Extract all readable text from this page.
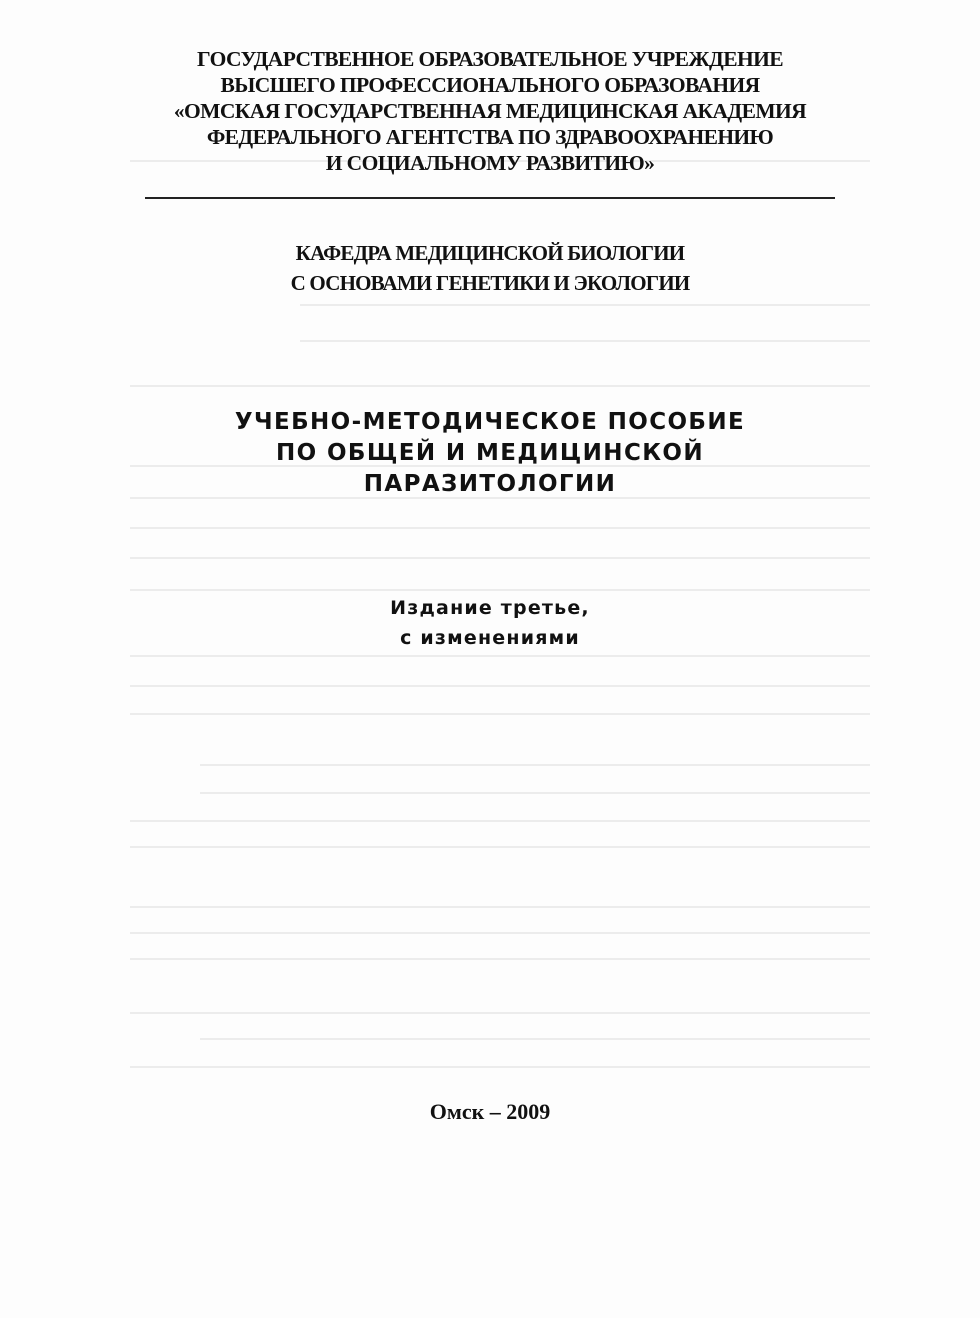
ГОСУДАРСТВЕННОЕ ОБРАЗОВАТЕЛЬНОЕ УЧРЕЖДЕНИЕ
ВЫСШЕГО ПРОФЕССИОНАЛЬНОГО ОБРАЗОВАНИЯ
«ОМСКАЯ ГОСУДАРСТВЕННАЯ МЕДИЦИНСКАЯ АКАДЕМИЯ
ФЕДЕРАЛЬНОГО АГЕНТСТВА ПО ЗДРАВООХРАНЕНИЮ
И СОЦИАЛЬНОМУ РАЗВИТИЮ»
КАФЕДРА МЕДИЦИНСКОЙ БИОЛОГИИ
С ОСНОВАМИ ГЕНЕТИКИ И ЭКОЛОГИИ
УЧЕБНО-МЕТОДИЧЕСКОЕ ПОСОБИЕ
ПО ОБЩЕЙ И МЕДИЦИНСКОЙ
ПАРАЗИТОЛОГИИ
Издание третье,
с изменениями
Омск – 2009
